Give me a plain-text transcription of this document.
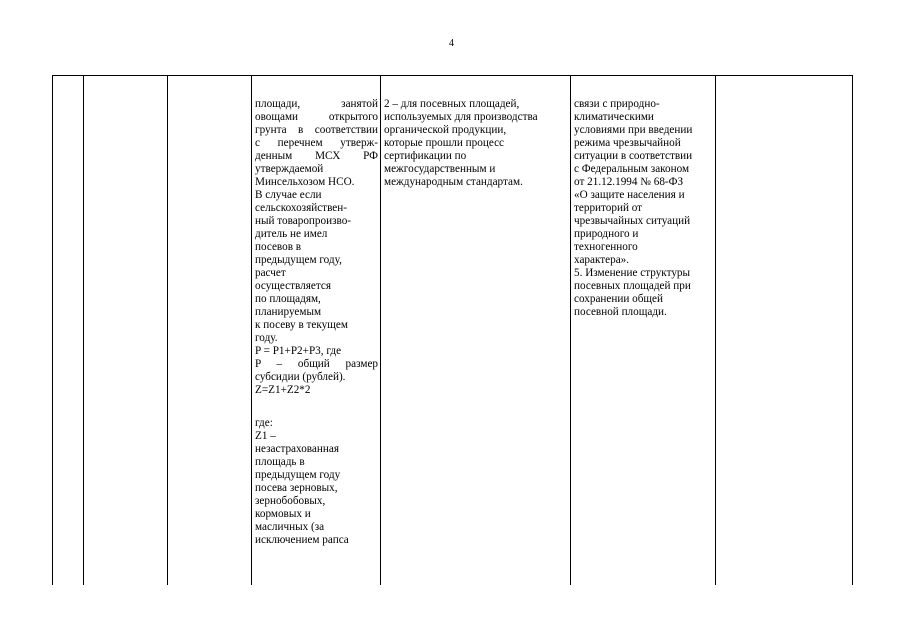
4

площади, занятой

овощами открытого

грунта в соответствии

с перечнем утверж-

денным МСХ РФ

утверждаемой

Минсельхозом НСО.

В случае если

сельскохозяйствен-

ный товаропроизво-

дитель не имел

посевов в

предыдущем году,

расчет

осуществляется

по площадям,

планируемым

к посеву в текущем

году.

P = P1+P2+P3, где

P – общий размер

субсидии (рублей).

Z=Z1+Z2*2

где:

Z1 –

незастрахованная

площадь в

предыдущем году

посева зерновых,

зернобобовых,

кормовых и

масличных (за

исключением рапса

2 – для посевных площадей,

используемых для производства

органической продукции,

которые прошли процесс

сертификации по

межгосударственным и

международным стандартам.

связи с природно-

климатическими

условиями при введении

режима чрезвычайной

ситуации в соответствии

с Федеральным законом

от 21.12.1994 № 68-ФЗ

«О защите населения и

территорий от

чрезвычайных ситуаций

природного и

техногенного

характера».

5. Изменение структуры

посевных площадей при

сохранении общей

посевной площади.
